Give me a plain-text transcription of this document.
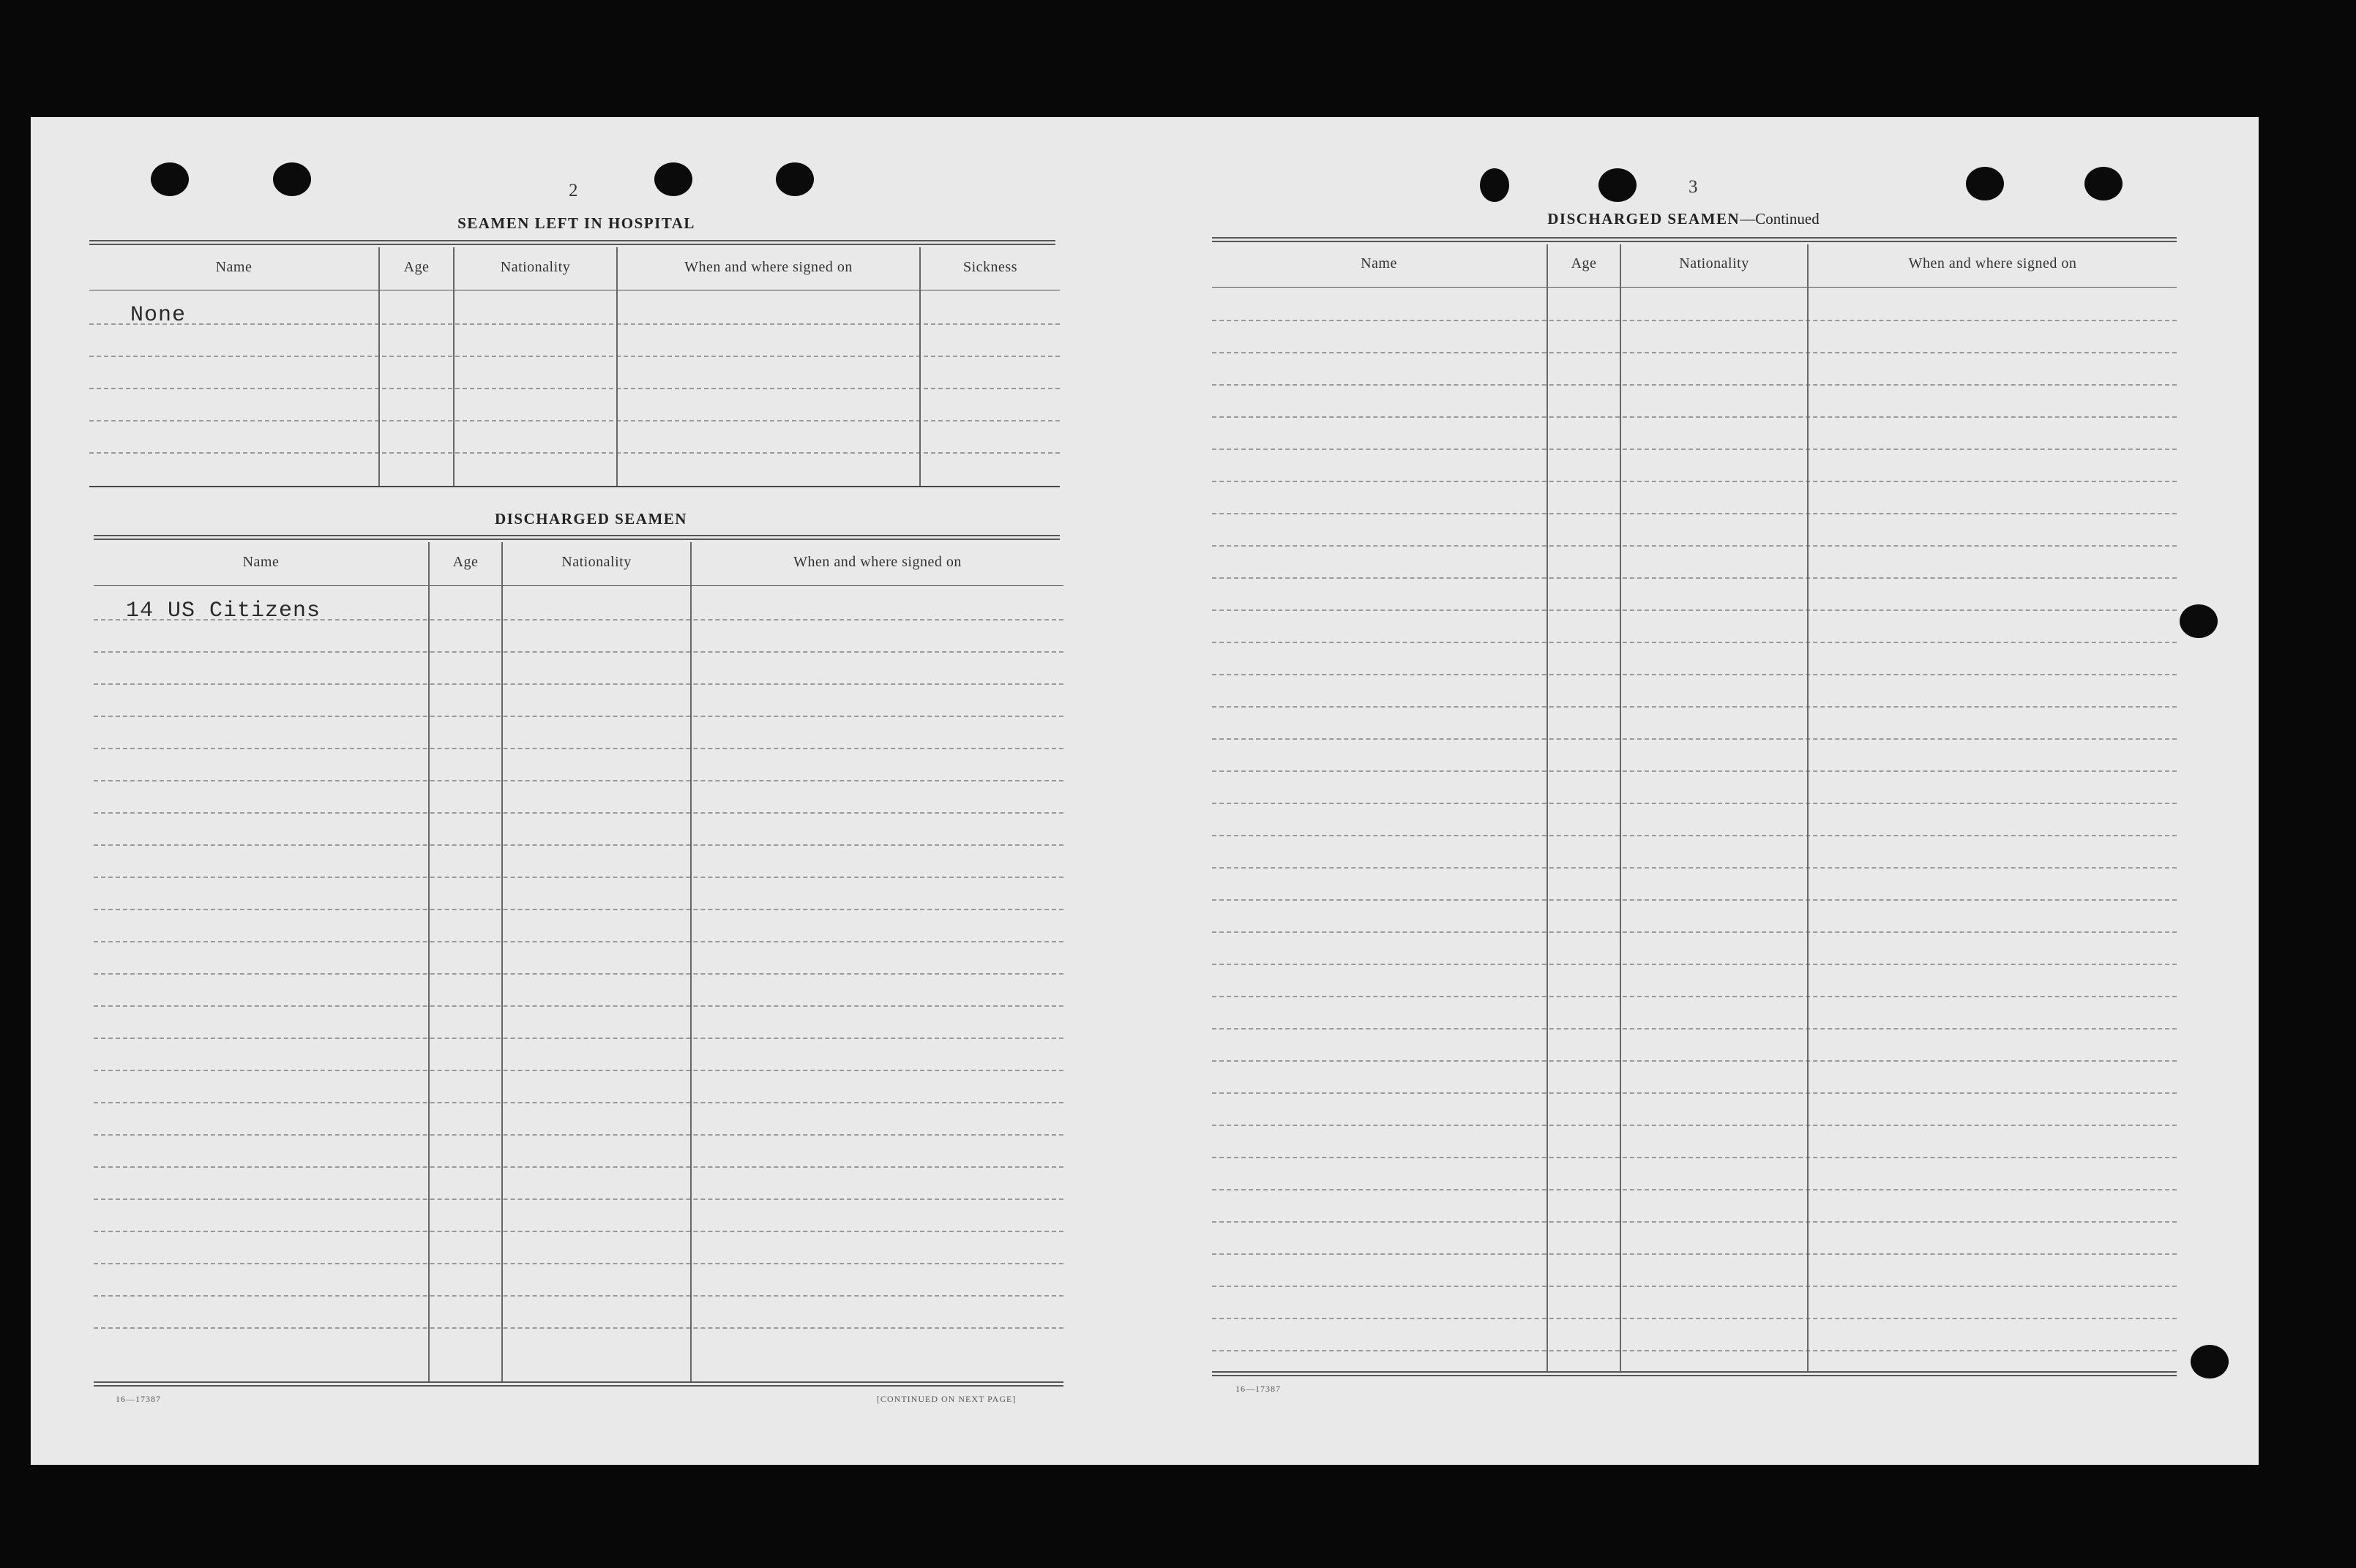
2
SEAMEN LEFT IN HOSPITAL
Name	Age	Nationality	When and where signed on	Sickness
None
DISCHARGED SEAMEN
Name	Age	Nationality	When and where signed on
14 US Citizens
16—17387	[CONTINUED ON NEXT PAGE]
3
DISCHARGED SEAMEN—Continued
Name	Age	Nationality	When and where signed on
16—17387
